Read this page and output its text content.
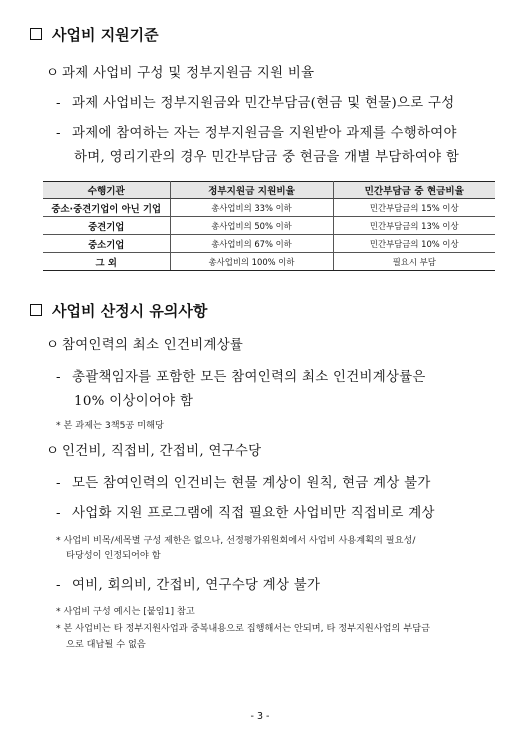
사업비 지원기준
ㅇ 과제 사업비 구성 및 정부지원금 지원 비율
- 과제 사업비는 정부지원금와 민간부담금(현금 및 현물)으로 구성
- 과제에 참여하는 자는 정부지원금을 지원받아 과제를 수행하여야
하며, 영리기관의 경우 민간부담금 중 현금을 개별 부담하여야 함
수행기관	정부지원금 지원비율	민간부담금 중 현금비율
중소·중견기업이 아닌 기업	총사업비의 33% 이하	민간부담금의 15% 이상
중견기업	총사업비의 50% 이하	민간부담금의 13% 이상
중소기업	총사업비의 67% 이하	민간부담금의 10% 이상
그 외	총사업비의 100% 이하	필요시 부담
사업비 산정시 유의사항
ㅇ 참여인력의 최소 인건비계상률
- 총괄책임자를 포함한 모든 참여인력의 최소 인건비계상률은
10% 이상이어야 함
* 본 과제는 3책5공 미해당
ㅇ 인건비, 직접비, 간접비, 연구수당
- 모든 참여인력의 인건비는 현물 계상이 원칙, 현금 계상 불가
- 사업화 지원 프로그램에 직접 필요한 사업비만 직접비로 계상
* 사업비 비목/세목별 구성 제한은 없으나, 선정평가위원회에서 사업비 사용계획의 필요성/
타당성이 인정되어야 함
- 여비, 회의비, 간접비, 연구수당 계상 불가
* 사업비 구성 예시는 [붙임1] 참고
* 본 사업비는 타 정부지원사업과 중복내용으로 집행해서는 안되며, 타 정부지원사업의 부담금
으로 대납될 수 없음
- 3 -
